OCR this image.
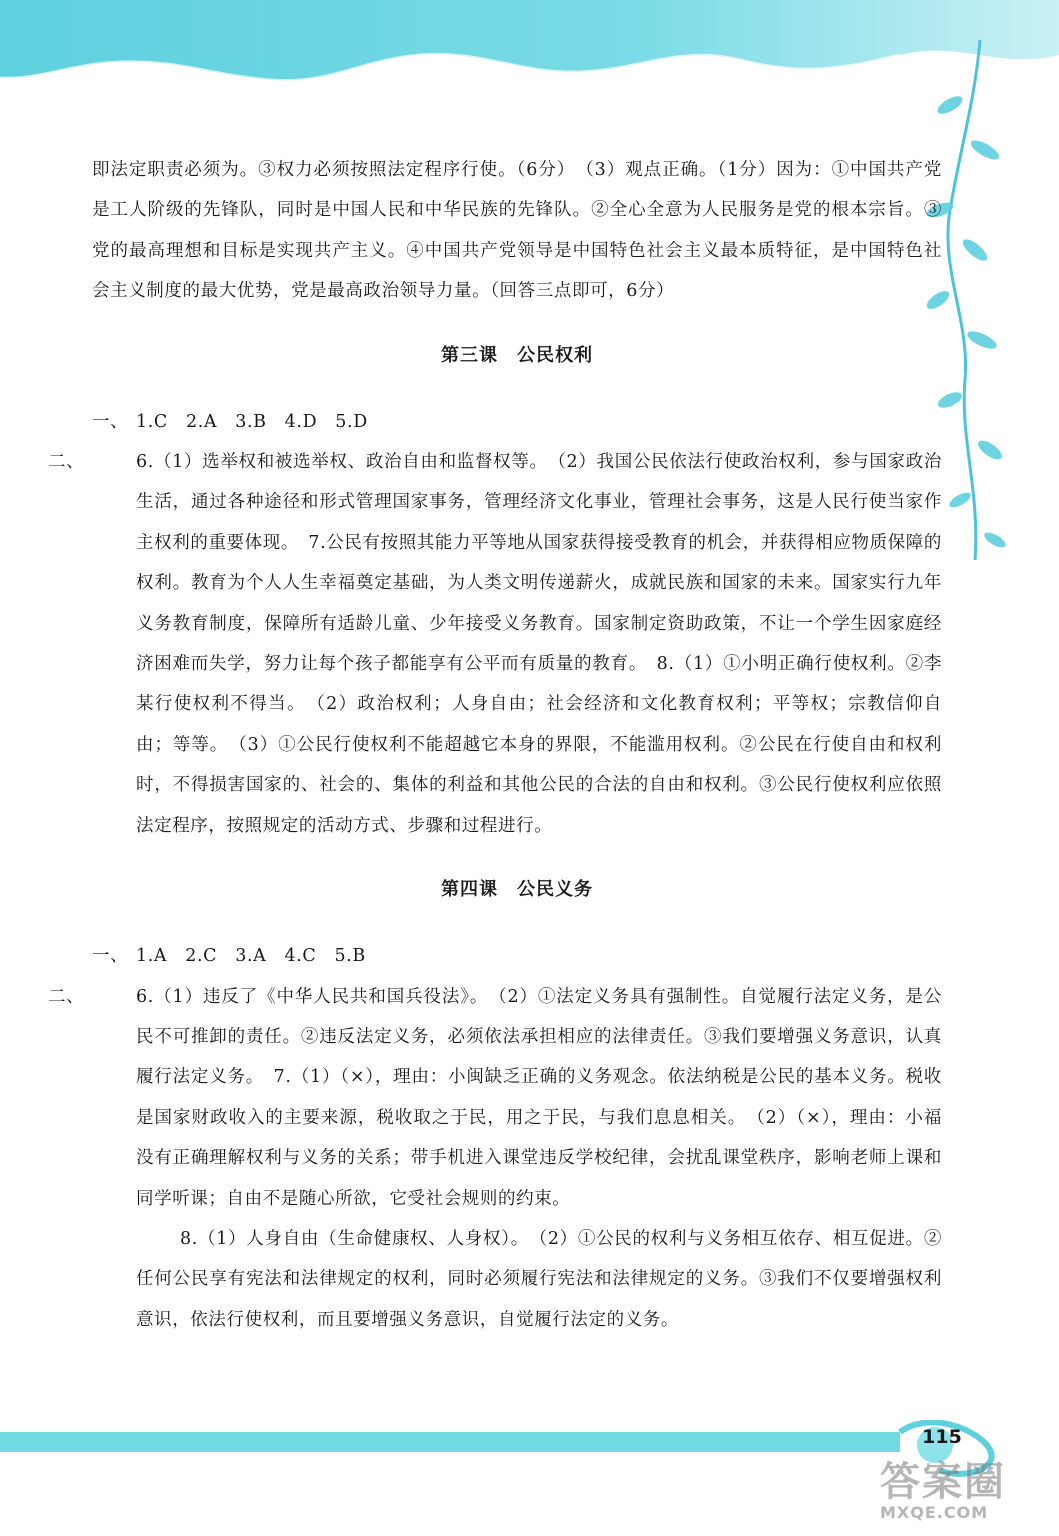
即法定职责必须为。③权力必须按照法定程序行使。（6分）　（3）观点正确。（1分）因为：①中国共产党是工人阶级的先锋队，同时是中国人民和中华民族的先锋队。②全心全意为人民服务是党的根本宗旨。③党的最高理想和目标是实现共产主义。④中国共产党领导是中国特色社会主义最本质特征，是中国特色社会主义制度的最大优势，党是最高政治领导力量。（回答三点即可，6分）

第三课　公民权利

一、 1.C　2.A　3.B　4.D　5.D

二、	6.（1）选举权和被选举权、政治自由和监督权等。　（2）我国公民依法行使政治权利，参与国家政治生活，通过各种途径和形式管理国家事务，管理经济文化事业，管理社会事务，这是人民行使当家作主权利的重要体现。　7.公民有按照其能力平等地从国家获得接受教育的机会，并获得相应物质保障的权利。教育为个人人生幸福奠定基础，为人类文明传递薪火，成就民族和国家的未来。国家实行九年义务教育制度，保障所有适龄儿童、少年接受义务教育。国家制定资助政策，不让一个学生因家庭经济困难而失学，努力让每个孩子都能享有公平而有质量的教育。　8.（1）①小明正确行使权利。②李某行使权利不得当。　（2）政治权利；人身自由；社会经济和文化教育权利；平等权；宗教信仰自由；等等。　（3）①公民行使权利不能超越它本身的界限，不能滥用权利。②公民在行使自由和权利时，不得损害国家的、社会的、集体的利益和其他公民的合法的自由和权利。③公民行使权利应依照法定程序，按照规定的活动方式、步骤和过程进行。

第四课　公民义务

一、 1.A　2.C　3.A　4.C　5.B

二、	6.（1）违反了《中华人民共和国兵役法》。　（2）①法定义务具有强制性。自觉履行法定义务，是公民不可推卸的责任。②违反法定义务，必须依法承担相应的法律责任。③我们要增强义务意识，认真履行法定义务。　7.（1）（×），理由：小闽缺乏正确的义务观念。依法纳税是公民的基本义务。税收是国家财政收入的主要来源，税收取之于民，用之于民，与我们息息相关。　（2）（×），理由：小福没有正确理解权利与义务的关系；带手机进入课堂违反学校纪律，会扰乱课堂秩序，影响老师上课和同学听课；自由不是随心所欲，它受社会规则的约束。

8.（1）人身自由（生命健康权、人身权）。　（2）①公民的权利与义务相互依存、相互促进。②任何公民享有宪法和法律规定的权利，同时必须履行宪法和法律规定的义务。③我们不仅要增强权利意识，依法行使权利，而且要增强义务意识，自觉履行法定的义务。

115
答案圈
MXQE.COM
